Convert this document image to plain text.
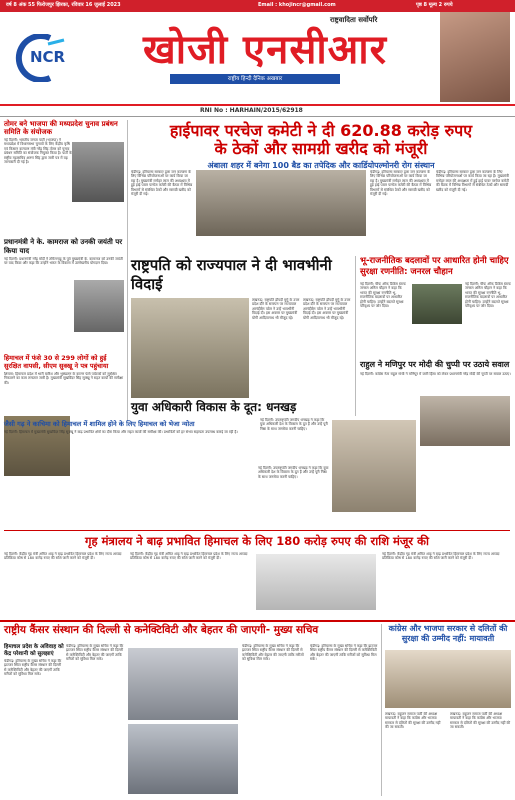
वर्ष 8 अंक 55 फिरोजपुर झिरका, रविवार 16 जुलाई 2023	Email : khojincr@gmail.com	पृष्ठ 8 मूल्य 2 रुपये
NCR
राष्ट्रवादिता सर्वोपरि
खोजी एनसीआर
राष्ट्रीय हिन्दी दैनिक अखबार
RNI No : HARHAIN/2015/62918
तोमर बने भाजपा की मध्यप्रदेश चुनाव प्रबंधन समिति के संयोजक
नई दिल्ली: भारतीय जनता पार्टी (भाजपा) ने मध्यप्रदेश में विधानसभा चुनावों के लिए केंद्रीय कृषि एवं किसान कल्याण मंत्री नरेंद्र सिंह तोमर को चुनाव प्रबंधन समिति का संयोजक नियुक्त किया है। पार्टी के राष्ट्रीय महासचिव अरुण सिंह द्वारा जारी पत्र में यह जानकारी दी गई है।
प्रधानमंत्री ने के. कामराज को उनकी जयंती पर किया याद
नई दिल्ली: प्रधानमंत्री नरेंद्र मोदी ने तमिलनाडु के पूर्व मुख्यमंत्री के. कामराज को उनकी जयंती पर याद किया और कहा कि उन्होंने भारत के विकास में उल्लेखनीय योगदान दिया।
हिमाचल में फंसे 30 से 299 लोगों को हुई सुरक्षित वापसी, सीएम सुक्खू ने पत्र पहुंचाया
शिमला: हिमाचल प्रदेश में भारी बारिश और भूस्खलन के कारण फंसे पर्यटकों को सुरक्षित निकालने का काम लगातार जारी है। मुख्यमंत्री सुखविंदर सिंह सुक्खू ने राहत कार्यों की समीक्षा की।
जैसी गढ़ ने काचिमा को हिमाचल में शामिल होने के लिए हिमाचल को भेजा न्योता
नई दिल्ली: हिमाचल में मुख्यमंत्री सुखविंदर सिंह सुक्खू ने बाढ़ प्रभावित क्षेत्रों का दौरा किया और राहत कार्यों की समीक्षा की। प्रभावितों को हर संभव सहायता उपलब्ध कराई जा रही है।
हाईपावर परचेज कमेटी ने दी 620.88 करोड़ रुपए
के ठेकों और सामग्री खरीद को मंजूरी
अंबाला शहर में बनेगा 100 बैड का तपेदिक और कार्डियोपल्मोनरी रोग संस्थान
चंडीगढ़: हरियाणा सरकार द्वारा जन कल्याण के लिए विभिन्न परियोजनाओं पर कार्य किया जा रहा है। मुख्यमंत्री मनोहर लाल की अध्यक्षता में हुई हाई पावर परचेज कमेटी की बैठक में विभिन्न विभागों से संबंधित ठेकों और सामग्री खरीद को मंजूरी दी गई।
चंडीगढ़: हरियाणा सरकार द्वारा जन कल्याण के लिए विभिन्न परियोजनाओं पर कार्य किया जा रहा है। मुख्यमंत्री मनोहर लाल की अध्यक्षता में हुई हाई पावर परचेज कमेटी की बैठक में विभिन्न विभागों से संबंधित ठेकों और सामग्री खरीद को मंजूरी दी गई।
चंडीगढ़: हरियाणा सरकार द्वारा जन कल्याण के लिए विभिन्न परियोजनाओं पर कार्य किया जा रहा है। मुख्यमंत्री मनोहर लाल की अध्यक्षता में हुई हाई पावर परचेज कमेटी की बैठक में विभिन्न विभागों से संबंधित ठेकों और सामग्री खरीद को मंजूरी दी गई।
राष्ट्रपति को राज्यपाल ने दी भावभीनी विदाई
लखनऊ: राष्ट्रपति द्रौपदी मुर्मू के उत्तर प्रदेश दौरे के समापन पर राज्यपाल आनंदीबेन पटेल ने उन्हें भावभीनी विदाई दी। इस अवसर पर मुख्यमंत्री योगी आदित्यनाथ भी मौजूद रहे।
लखनऊ: राष्ट्रपति द्रौपदी मुर्मू के उत्तर प्रदेश दौरे के समापन पर राज्यपाल आनंदीबेन पटेल ने उन्हें भावभीनी विदाई दी। इस अवसर पर मुख्यमंत्री योगी आदित्यनाथ भी मौजूद रहे।
भू-राजनीतिक बदलावों पर आधारित होनी चाहिए सुरक्षा रणनीति: जनरल चौहान
नई दिल्ली: चीफ ऑफ डिफेंस स्टाफ जनरल अनिल चौहान ने कहा कि भारत की सुरक्षा रणनीति भू-राजनीतिक बदलावों पर आधारित होनी चाहिए। उन्होंने बदलते सुरक्षा परिदृश्य पर जोर दिया।
नई दिल्ली: चीफ ऑफ डिफेंस स्टाफ जनरल अनिल चौहान ने कहा कि भारत की सुरक्षा रणनीति भू-राजनीतिक बदलावों पर आधारित होनी चाहिए। उन्होंने बदलते सुरक्षा परिदृश्य पर जोर दिया।
राहुल ने मणिपुर पर मोदी की चुप्पी पर उठाये सवाल
नई दिल्ली: कांग्रेस नेता राहुल गांधी ने मणिपुर में जारी हिंसा को लेकर प्रधानमंत्री नरेंद्र मोदी की चुप्पी पर सवाल उठाए।
युवा अधिकारी विकास के दूत: धनखड़
नई दिल्ली: उपराष्ट्रपति जगदीप धनखड़ ने कहा कि युवा अधिकारी देश के विकास के दूत हैं और उन्हें पूरी निष्ठा के साथ जनसेवा करनी चाहिए।
नई दिल्ली: उपराष्ट्रपति जगदीप धनखड़ ने कहा कि युवा अधिकारी देश के विकास के दूत हैं और उन्हें पूरी निष्ठा के साथ जनसेवा करनी चाहिए।
गृह मंत्रालय ने बाढ़ प्रभावित हिमाचल के लिए 180 करोड़ रुपए की राशि मंजूर की
नई दिल्ली: केंद्रीय गृह मंत्री अमित शाह ने बाढ़ प्रभावित हिमाचल प्रदेश के लिए राज्य आपदा प्रतिक्रिया कोष से 180 करोड़ रुपए की राशि जारी करने को मंजूरी दी।
नई दिल्ली: केंद्रीय गृह मंत्री अमित शाह ने बाढ़ प्रभावित हिमाचल प्रदेश के लिए राज्य आपदा प्रतिक्रिया कोष से 180 करोड़ रुपए की राशि जारी करने को मंजूरी दी।
नई दिल्ली: केंद्रीय गृह मंत्री अमित शाह ने बाढ़ प्रभावित हिमाचल प्रदेश के लिए राज्य आपदा प्रतिक्रिया कोष से 180 करोड़ रुपए की राशि जारी करने को मंजूरी दी।
राष्ट्रीय कैंसर संस्थान की दिल्ली से कनेक्टिविटी और बेहतर की जाएगी- मुख्य सचिव
हिमाचल प्रदेश के अविवाह को केंद्र परेशानी को सुलझाएं
चंडीगढ़: हरियाणा के मुख्य सचिव ने कहा कि झज्जर स्थित राष्ट्रीय कैंसर संस्थान की दिल्ली से कनेक्टिविटी और बेहतर की जाएगी ताकि मरीजों को सुविधा मिल सके।
चंडीगढ़: हरियाणा के मुख्य सचिव ने कहा कि झज्जर स्थित राष्ट्रीय कैंसर संस्थान की दिल्ली से कनेक्टिविटी और बेहतर की जाएगी ताकि मरीजों को सुविधा मिल सके।
चंडीगढ़: हरियाणा के मुख्य सचिव ने कहा कि झज्जर स्थित राष्ट्रीय कैंसर संस्थान की दिल्ली से कनेक्टिविटी और बेहतर की जाएगी ताकि मरीजों को सुविधा मिल सके।
चंडीगढ़: हरियाणा के मुख्य सचिव ने कहा कि झज्जर स्थित राष्ट्रीय कैंसर संस्थान की दिल्ली से कनेक्टिविटी और बेहतर की जाएगी ताकि मरीजों को सुविधा मिल सके।
कांग्रेस और भाजपा सरकार से दलितों की सुरक्षा की उम्मीद नहीं: मायावती
लखनऊ: बहुजन समाज पार्टी की अध्यक्ष मायावती ने कहा कि कांग्रेस और भाजपा सरकार से दलितों की सुरक्षा की उम्मीद नहीं की जा सकती।
लखनऊ: बहुजन समाज पार्टी की अध्यक्ष मायावती ने कहा कि कांग्रेस और भाजपा सरकार से दलितों की सुरक्षा की उम्मीद नहीं की जा सकती।
